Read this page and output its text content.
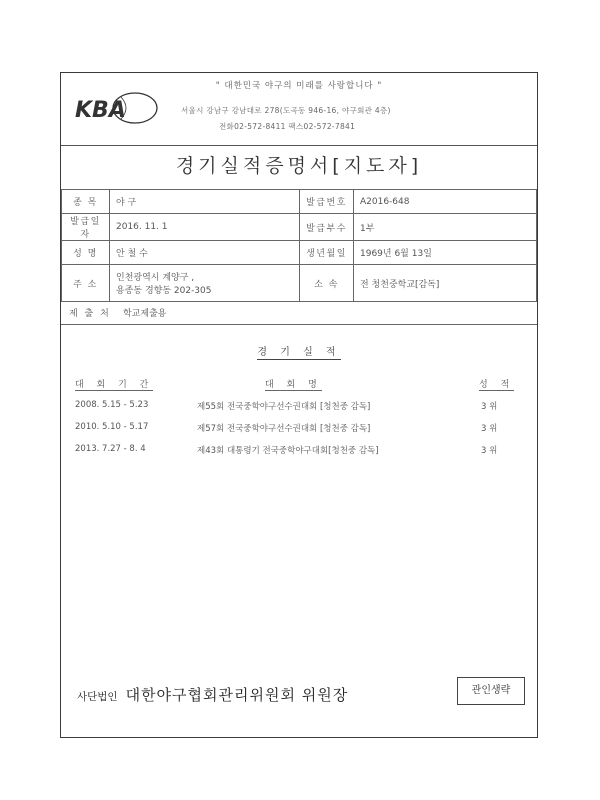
KBA
" 대한민국 야구의 미래를 사랑합니다 "
서울시 강남구 강남대로 278(도곡동 946-16, 야구회관 4층)
전화02-572-8411 팩스02-572-7841
경기실적증명서[지도자]
종 목	야 구	발급번호	A2016-648
발급일자	2016. 11. 1	발급부수	1부
성 명	안 철 수	생년월일	1969년 6월 13일
주 소	인천광역시 계양구 ,
용종동 경향동 202-305	소 속	전 청천중학교[감독]
제 출 처 학교제출용
경 기 실 적
대 회 기 간	대 회 명	성 적
2008. 5.15 - 5.23	제55회 전국중학야구선수권대회 [청천중 감독]	3 위
2010. 5.10 - 5.17	제57회 전국중학야구선수권대회 [청천중 감독]	3 위
2013. 7.27 - 8. 4	제43회 대통령기 전국중학야구대회[청천중 감독]	3 위
사단법인 대한야구협회관리위원회 위원장	관인생략
